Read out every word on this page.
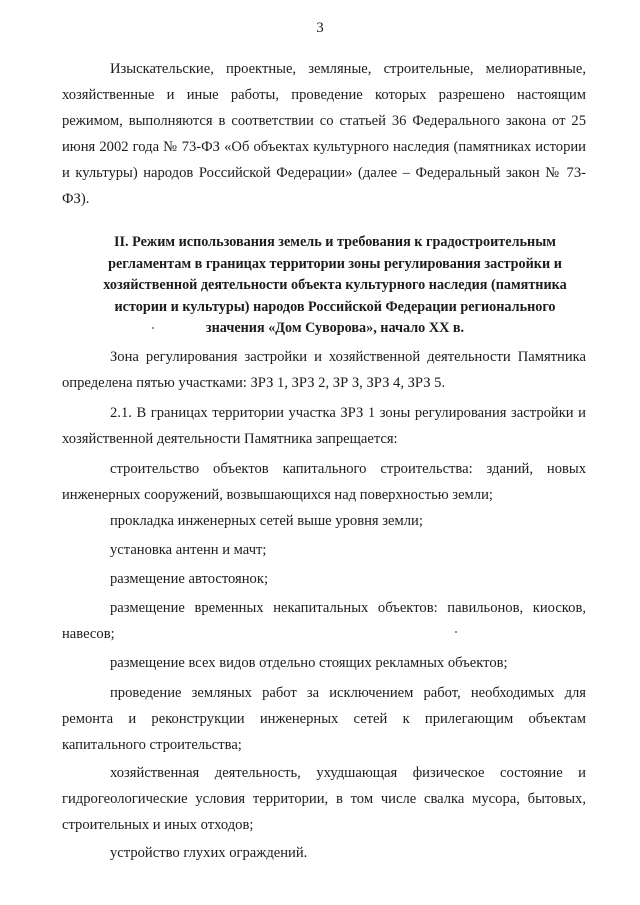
3

Изыскательские, проектные, земляные, строительные, мелиоративные, хозяйственные и иные работы, проведение которых разрешено настоящим режимом, выполняются в соответствии со статьей 36 Федерального закона от 25 июня 2002 года № 73-ФЗ «Об объектах культурного наследия (памятниках истории и культуры) народов Российской Федерации» (далее – Федеральный закон № 73-ФЗ).

II. Режим использования земель и требования к градостроительным регламентам в границах территории зоны регулирования застройки и хозяйственной деятельности объекта культурного наследия (памятника истории и культуры) народов Российской Федерации регионального значения «Дом Суворова», начало XX в.

Зона регулирования застройки и хозяйственной деятельности Памятника определена пятью участками: ЗРЗ 1, ЗРЗ 2, ЗР З, ЗРЗ 4, ЗРЗ 5.

2.1. В границах территории участка ЗРЗ 1 зоны регулирования застройки и хозяйственной деятельности Памятника запрещается:

строительство объектов капитального строительства: зданий, новых инженерных сооружений, возвышающихся над поверхностью земли;

прокладка инженерных сетей выше уровня земли;

установка антенн и мачт;

размещение автостоянок;

размещение временных некапитальных объектов: павильонов, киосков, навесов;

размещение всех видов отдельно стоящих рекламных объектов;

проведение земляных работ за исключением работ, необходимых для ремонта и реконструкции инженерных сетей к прилегающим объектам капитального строительства;

хозяйственная деятельность, ухудшающая физическое состояние и гидрогеологические условия территории, в том числе свалка мусора, бытовых, строительных и иных отходов;

устройство глухих ограждений.
